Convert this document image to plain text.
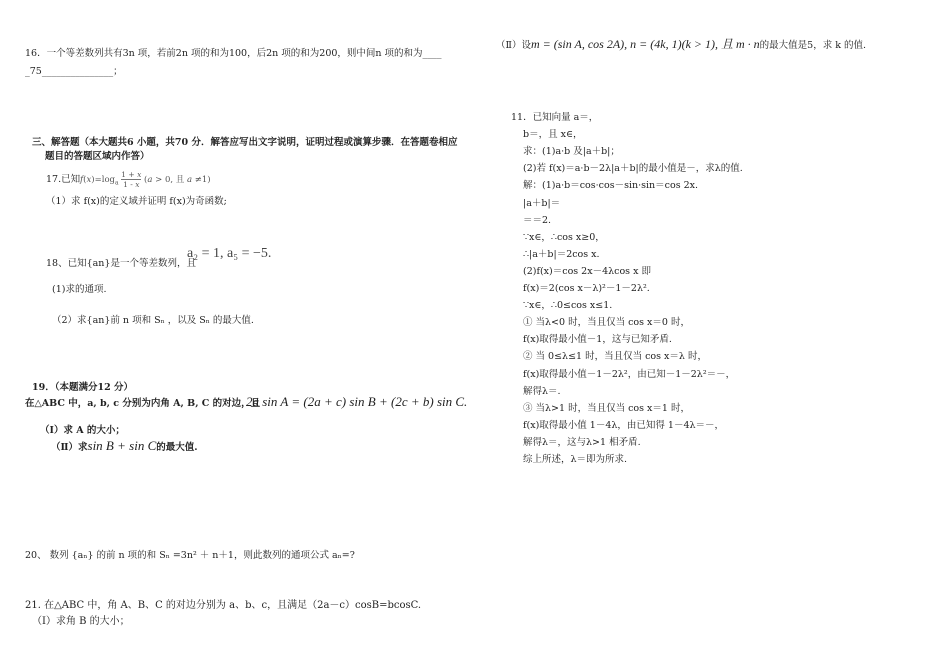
16．一个等差数列共有3n 项，若前2n 项的和为100，后2n 项的和为200，则中间n 项的和为____
_75_______________；
三、解答题（本大题共6 小题，共70 分．解答应写出文字说明，证明过程或演算步骤．在答题卷相应
题目的答题区域内作答）
17.已知 $f(x)=\log_a \frac{1 + x}{1 - x} (a > 0$, 且 a ≠1)
（1）求 f(x)的定义域并证明 f(x)为奇函数;
18、已知{an}是一个等差数列，且
a₂ = 1, a₅ = −5.
(1)求的通项.
（2）求{an}前 n 项和 Sₙ ，以及 Sₙ 的最大值.
19．（本题满分12 分）
在△ABC 中，a, b, c 分别为内角 A, B, C 的对边，且
2a sin A = (2a + c) sin B + (2c + b) sin C.
（Ⅰ）求 A 的大小；
（Ⅱ）求sin B + sin C的最大值.
20、 数列 {aₙ} 的前 n 项的和 Sₙ =3n² ＋ n＋1，则此数列的通项公式 aₙ=?
21. 在△ABC 中，角 A、B、C 的对边分别为 a、b、c，且满足（2a－c）cosB=bcosC.
（Ⅰ）求角 B 的大小；
（Ⅱ）设m = (sin A, cos 2A), n = (4k, 1)(k > 1), 且 m · n的最大值是5，求 k 的值.
11．已知向量 a＝，
b＝，且 x∈，
求：(1)a·b 及|a＋b|；
(2)若 f(x)＝a·b－2λ|a＋b|的最小值是－，求λ的值.
解：(1)a·b＝cos·cos－sin·sin＝cos 2x.
|a＋b|＝
＝＝2.
∵x∈，∴cos x≥0，
∴|a＋b|＝2cos x.
(2)f(x)＝cos 2x－4λcos x 即
f(x)＝2(cos x－λ)²－1－2λ².
∵x∈，∴0≤cos x≤1.
① 当λ<0 时，当且仅当 cos x＝0 时，
f(x)取得最小值－1，这与已知矛盾.
② 当 0≤λ≤1 时，当且仅当 cos x＝λ 时，
f(x)取得最小值－1－2λ²，由已知－1－2λ²＝－，
解得λ＝.
③ 当λ>1 时，当且仅当 cos x＝1 时，
f(x)取得最小值 1－4λ，由已知得 1－4λ＝－，
解得λ＝，这与λ>1 相矛盾.
综上所述，λ＝即为所求.
